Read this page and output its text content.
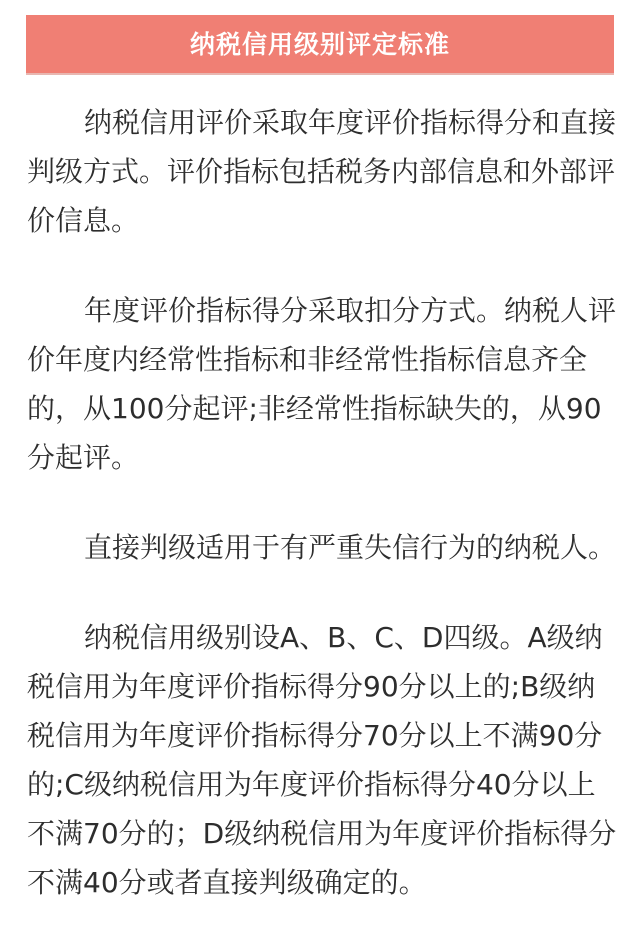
纳税信用级别评定标准

纳税信用评价采取年度评价指标得分和直接判级方式。评价指标包括税务内部信息和外部评价信息。

年度评价指标得分采取扣分方式。纳税人评价年度内经常性指标和非经常性指标信息齐全的，从100分起评;非经常性指标缺失的，从90分起评。

直接判级适用于有严重失信行为的纳税人。

纳税信用级别设A、B、C、D四级。A级纳税信用为年度评价指标得分90分以上的;B级纳税信用为年度评价指标得分70分以上不满90分的;C级纳税信用为年度评价指标得分40分以上不满70分的；D级纳税信用为年度评价指标得分不满40分或者直接判级确定的。
